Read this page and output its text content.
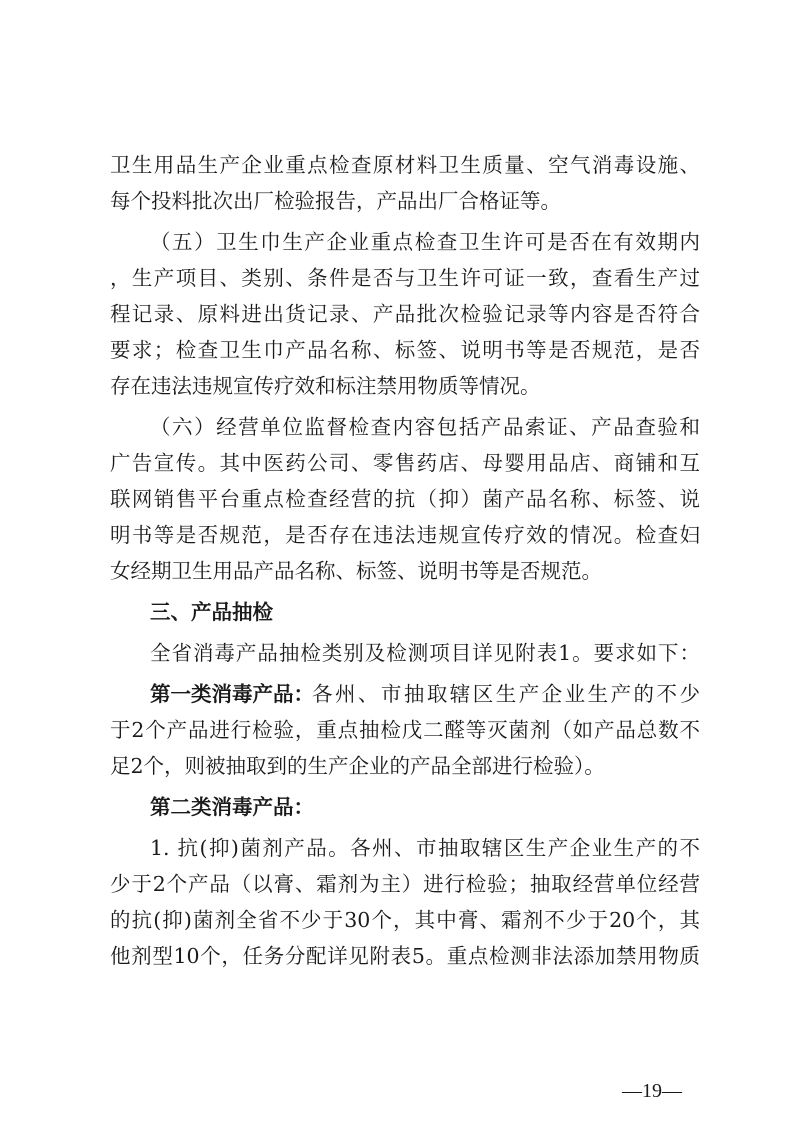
卫生用品生产企业重点检查原材料卫生质量、空气消毒设施、
每个投料批次出厂检验报告，产品出厂合格证等。
（五）卫生巾生产企业重点检查卫生许可是否在有效期内
，生产项目、类别、条件是否与卫生许可证一致，查看生产过
程记录、原料进出货记录、产品批次检验记录等内容是否符合
要求；检查卫生巾产品名称、标签、说明书等是否规范，是否
存在违法违规宣传疗效和标注禁用物质等情况。
（六）经营单位监督检查内容包括产品索证、产品查验和
广告宣传。其中医药公司、零售药店、母婴用品店、商铺和互
联网销售平台重点检查经营的抗（抑）菌产品名称、标签、说
明书等是否规范，是否存在违法违规宣传疗效的情况。检查妇
女经期卫生用品产品名称、标签、说明书等是否规范。
三、产品抽检
全省消毒产品抽检类别及检测项目详见附表1。要求如下：
第一类消毒产品：
各州、市抽取辖区生产企业生产的不少
于2个产品进行检验，重点抽检戊二醛等灭菌剂（如产品总数不
足2个，则被抽取到的生产企业的产品全部进行检验）。
第二类消毒产品：
1. 抗(抑)菌剂产品。各州、市抽取辖区生产企业生产的不
少于2个产品（以膏、霜剂为主）进行检验；抽取经营单位经营
的抗(抑)菌剂全省不少于30个，其中膏、霜剂不少于20个，其
他剂型10个，任务分配详见附表5。重点检测非法添加禁用物质
—19—
